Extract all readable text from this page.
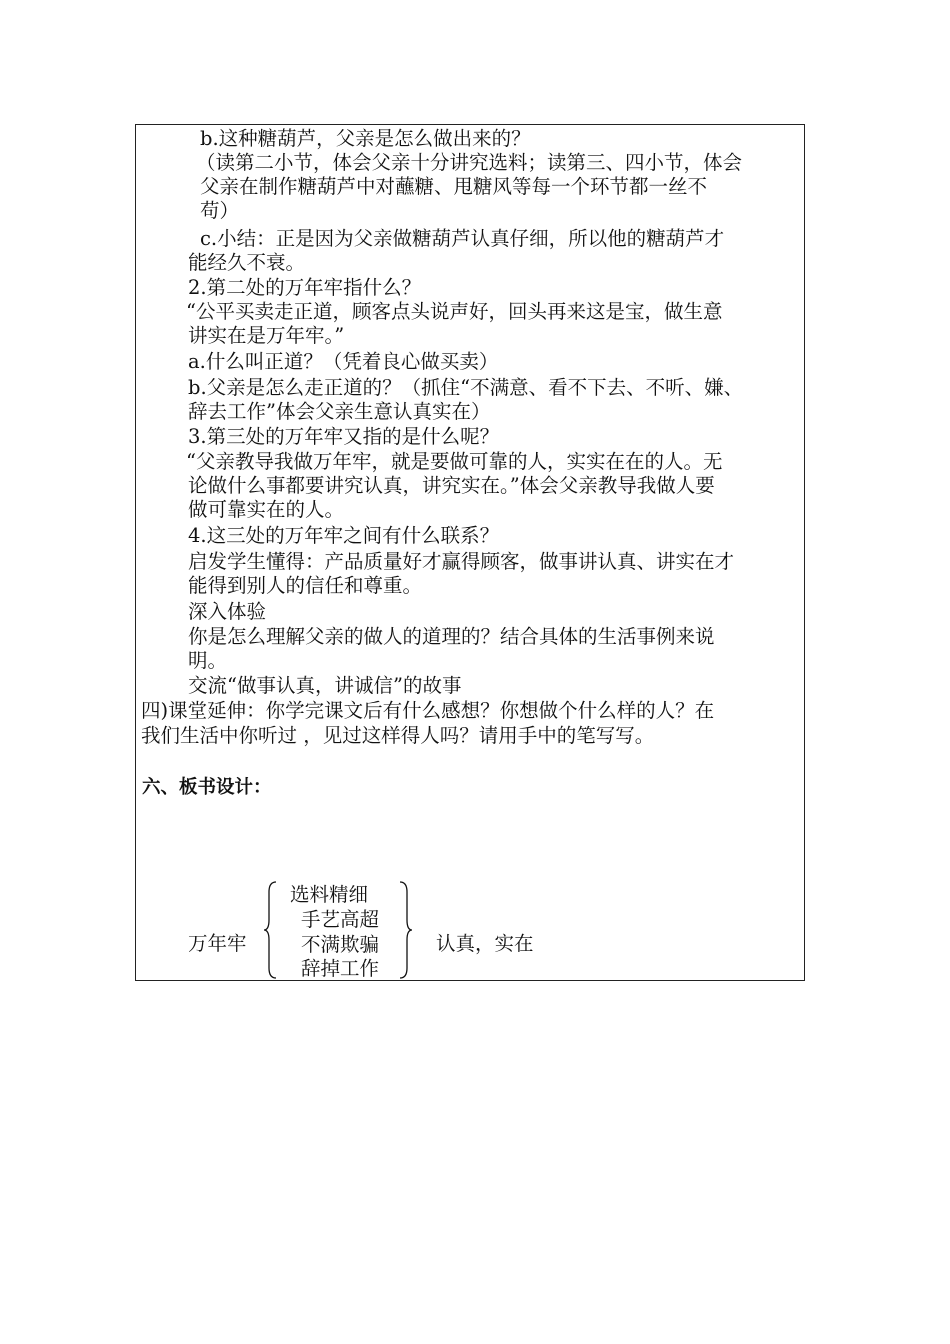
b.这种糖葫芦，父亲是怎么做出来的？
（读第二小节，体会父亲十分讲究选料；读第三、四小节，体会
父亲在制作糖葫芦中对蘸糖、甩糖风等每一个环节都一丝不
苟）
c.小结：正是因为父亲做糖葫芦认真仔细，所以他的糖葫芦才
能经久不衰。
2.第二处的万年牢指什么？
“公平买卖走正道，顾客点头说声好，回头再来这是宝，做生意
讲实在是万年牢。”
a.什么叫正道？（凭着良心做买卖）
b.父亲是怎么走正道的？（抓住“不满意、看不下去、不听、嫌、
辞去工作”体会父亲生意认真实在）
3.第三处的万年牢又指的是什么呢？
“父亲教导我做万年牢，就是要做可靠的人，实实在在的人。无
论做什么事都要讲究认真，讲究实在。”体会父亲教导我做人要
做可靠实在的人。
4.这三处的万年牢之间有什么联系？
启发学生懂得：产品质量好才赢得顾客，做事讲认真、讲实在才
能得到别人的信任和尊重。
深入体验
你是怎么理解父亲的做人的道理的？结合具体的生活事例来说
明。
交流“做事认真，讲诚信”的故事
四)课堂延伸：你学完课文后有什么感想？你想做个什么样的人？在
我们生活中你听过 ，见过这样得人吗？请用手中的笔写写。
六、板书设计：
万年牢
选料精细
手艺高超
不满欺骗
辞掉工作
认真，实在
